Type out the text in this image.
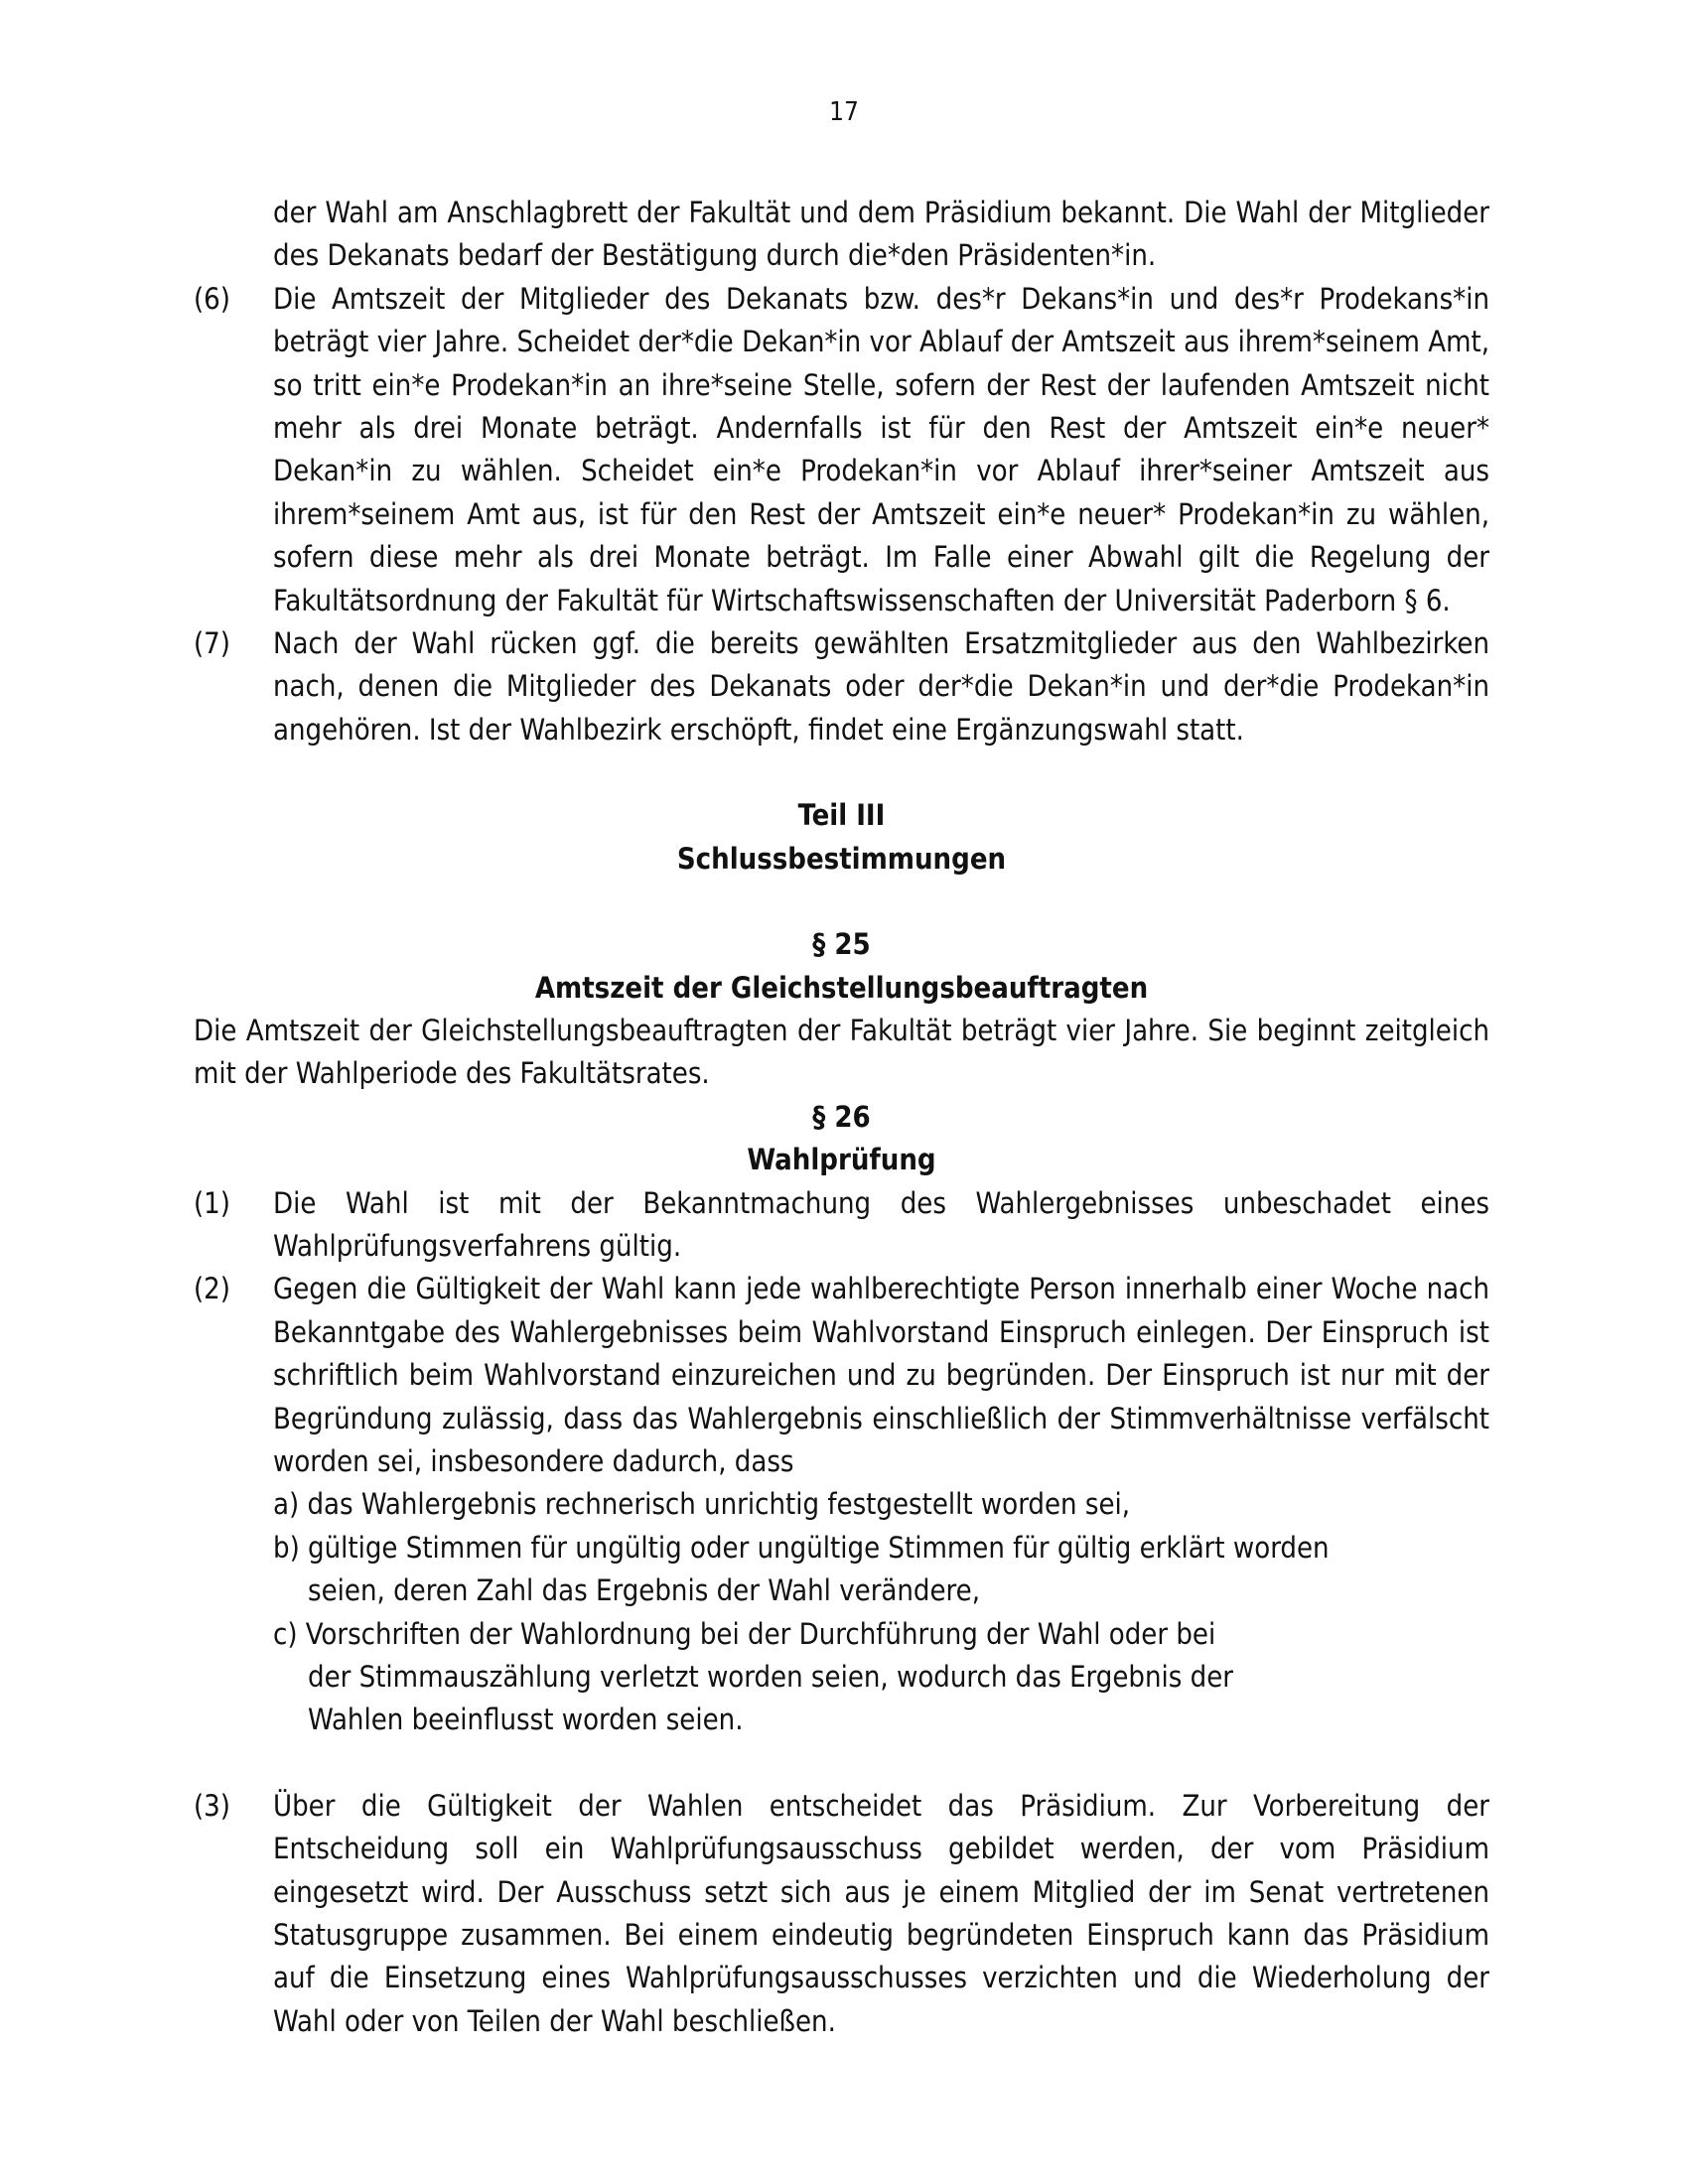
17
der Wahl am Anschlagbrett der Fakultät und dem Präsidium bekannt. Die Wahl der Mitglieder des Dekanats bedarf der Bestätigung durch die*den Präsidenten*in.
(6)	Die Amtszeit der Mitglieder des Dekanats bzw. des*r Dekans*in und des*r Prodekans*in beträgt vier Jahre. Scheidet der*die Dekan*in vor Ablauf der Amtszeit aus ihrem*seinem Amt, so tritt ein*e Prodekan*in an ihre*seine Stelle, sofern der Rest der laufenden Amtszeit nicht mehr als drei Monate beträgt. Andernfalls ist für den Rest der Amtszeit ein*e neuer* Dekan*in zu wählen. Scheidet ein*e Prodekan*in vor Ablauf ihrer*seiner Amtszeit aus ihrem*seinem Amt aus, ist für den Rest der Amtszeit ein*e neuer* Prodekan*in zu wählen, sofern diese mehr als drei Monate beträgt. Im Falle einer Abwahl gilt die Regelung der Fakultätsordnung der Fakultät für Wirtschaftswissenschaften der Universität Paderborn § 6.
(7)	Nach der Wahl rücken ggf. die bereits gewählten Ersatzmitglieder aus den Wahlbezirken nach, denen die Mitglieder des Dekanats oder der*die Dekan*in und der*die Prodekan*in angehören. Ist der Wahlbezirk erschöpft, findet eine Ergänzungswahl statt.
Teil III
Schlussbestimmungen
§ 25
Amtszeit der Gleichstellungsbeauftragten
Die Amtszeit der Gleichstellungsbeauftragten der Fakultät beträgt vier Jahre. Sie beginnt zeitgleich mit der Wahlperiode des Fakultätsrates.
§ 26
Wahlprüfung
(1)	Die Wahl ist mit der Bekanntmachung des Wahlergebnisses unbeschadet eines Wahlprüfungsverfahrens gültig.
(2)	Gegen die Gültigkeit der Wahl kann jede wahlberechtigte Person innerhalb einer Woche nach Bekanntgabe des Wahlergebnisses beim Wahlvorstand Einspruch einlegen. Der Einspruch ist schriftlich beim Wahlvorstand einzureichen und zu begründen. Der Einspruch ist nur mit der Begründung zulässig, dass das Wahlergebnis einschließlich der Stimmverhältnisse verfälscht worden sei, insbesondere dadurch, dass
a) das Wahlergebnis rechnerisch unrichtig festgestellt worden sei,
b) gültige Stimmen für ungültig oder ungültige Stimmen für gültig erklärt worden
seien, deren Zahl das Ergebnis der Wahl verändere,
c) Vorschriften der Wahlordnung bei der Durchführung der Wahl oder bei
der Stimmauszählung verletzt worden seien, wodurch das Ergebnis der
Wahlen beeinflusst worden seien.
(3)	Über die Gültigkeit der Wahlen entscheidet das Präsidium. Zur Vorbereitung der Entscheidung soll ein Wahlprüfungsausschuss gebildet werden, der vom Präsidium eingesetzt wird. Der Ausschuss setzt sich aus je einem Mitglied der im Senat vertretenen Statusgruppe zusammen. Bei einem eindeutig begründeten Einspruch kann das Präsidium auf die Einsetzung eines Wahlprüfungsausschusses verzichten und die Wiederholung der Wahl oder von Teilen der Wahl beschließen.
